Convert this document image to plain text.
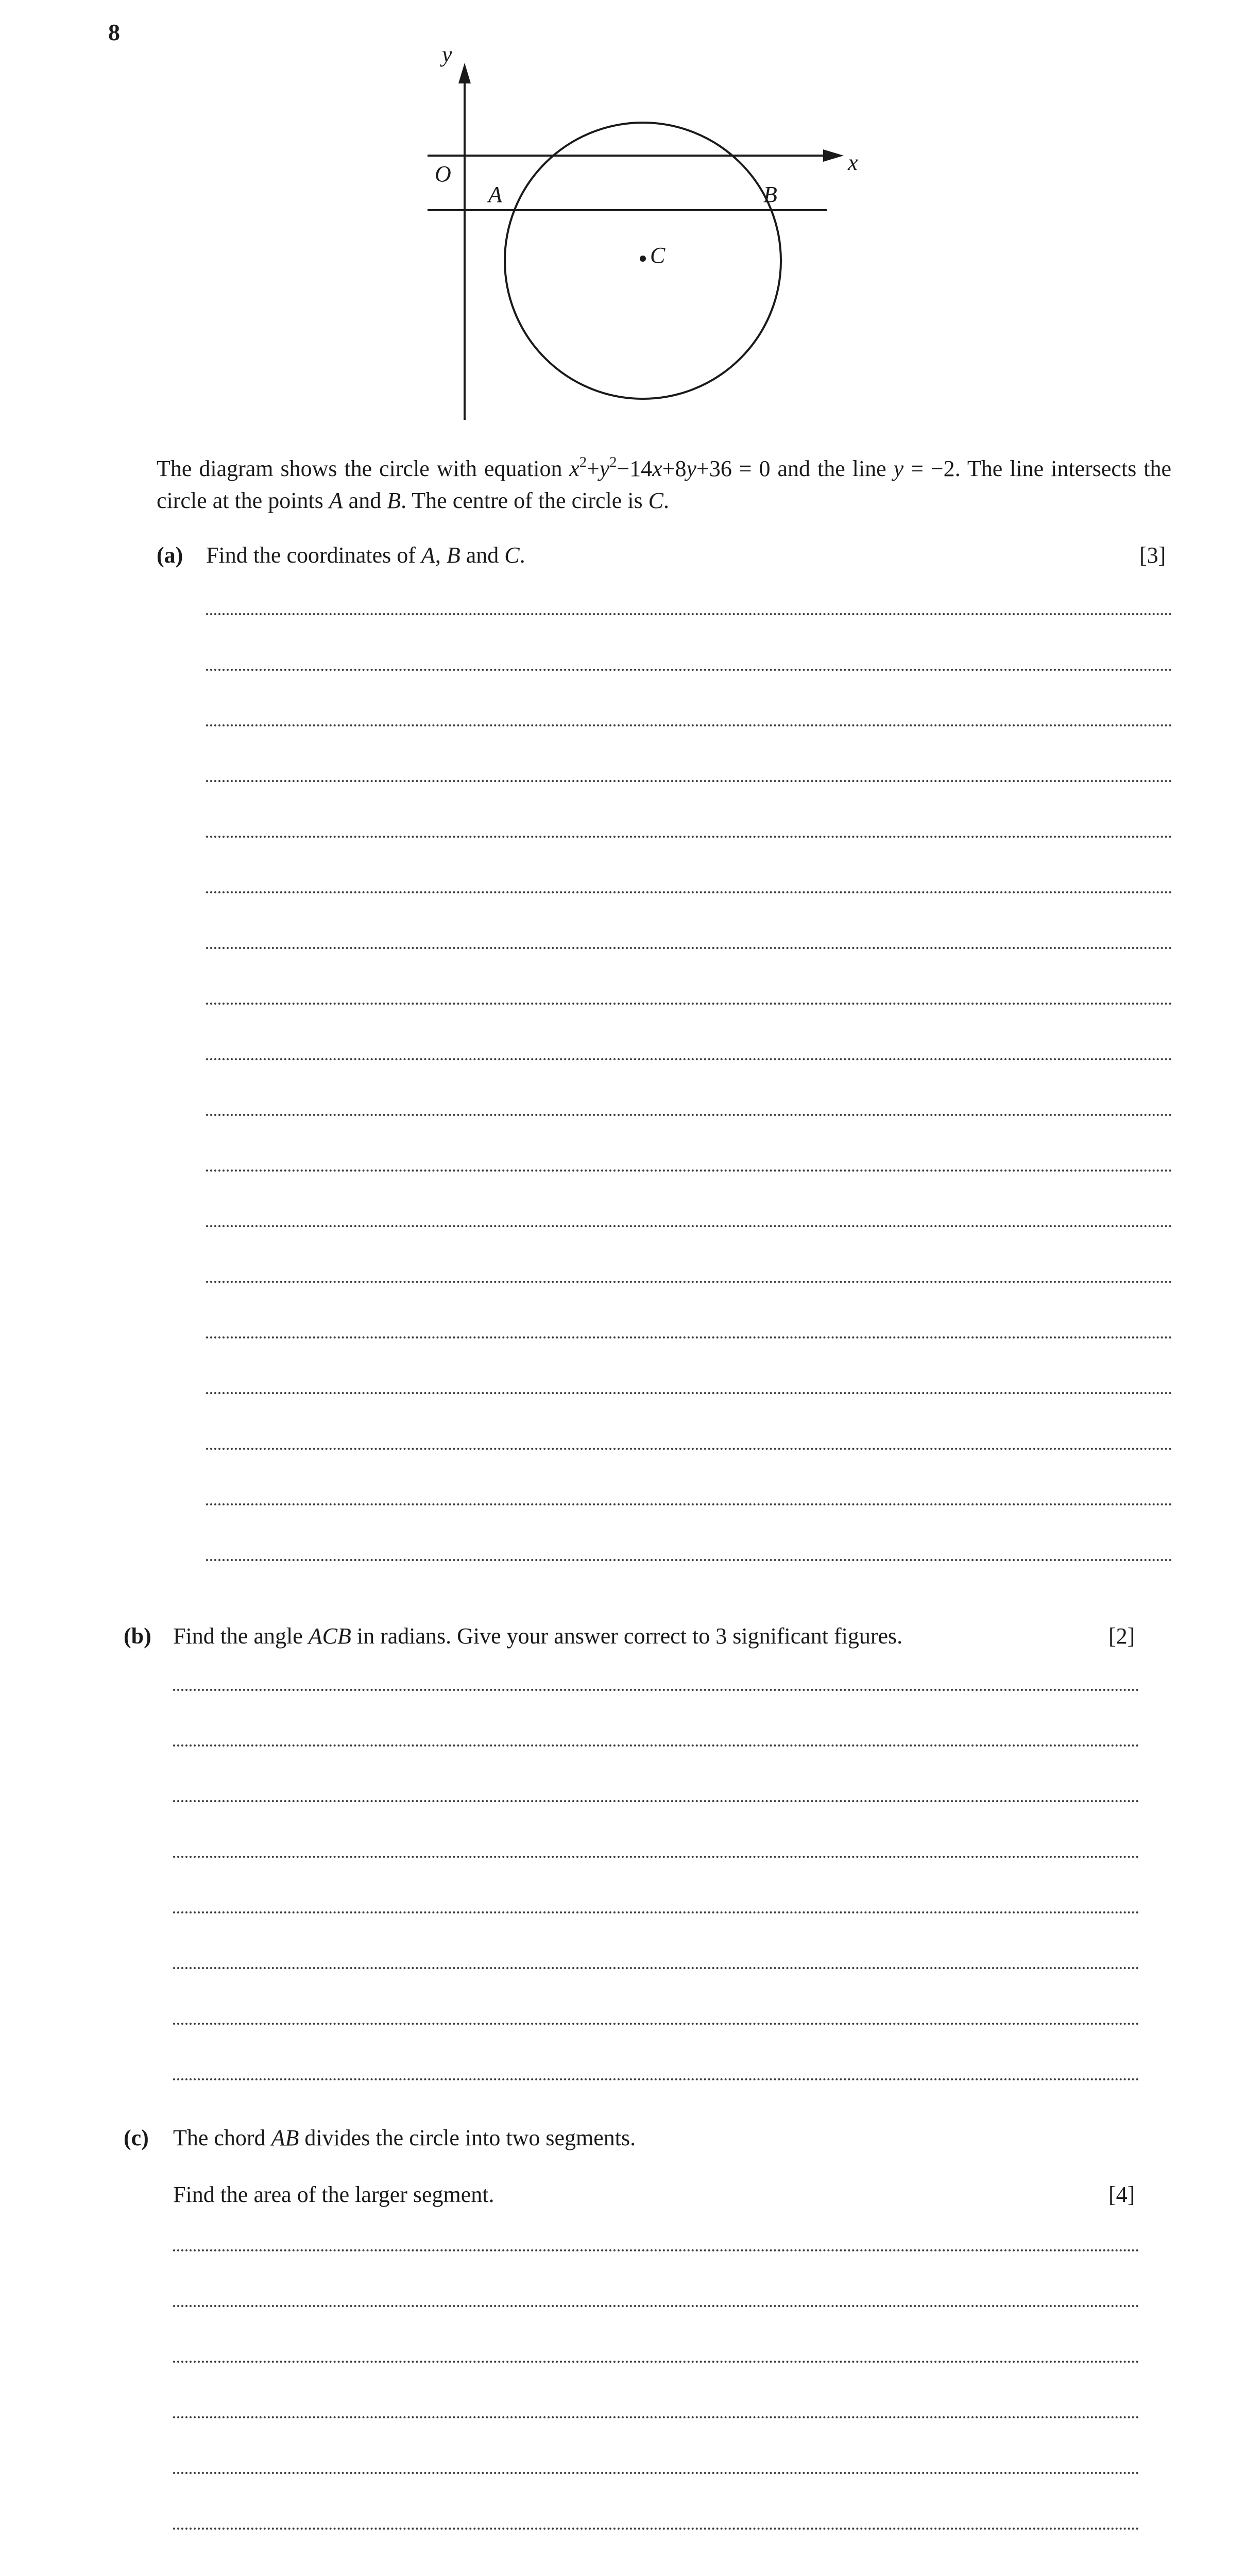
8
y
x
O
A	B
C
The diagram shows the circle with equation $x^2+y^2-14x+8y+36 = 0$ and the line y = −2. The line intersects the circle at the points A and B. The centre of the circle is C.
(a) Find the coordinates of A, B and C.	[3]
(b) Find the angle ACB in radians. Give your answer correct to 3 significant figures.	[2]
(c) The chord AB divides the circle into two segments.
Find the area of the larger segment.	[4]
